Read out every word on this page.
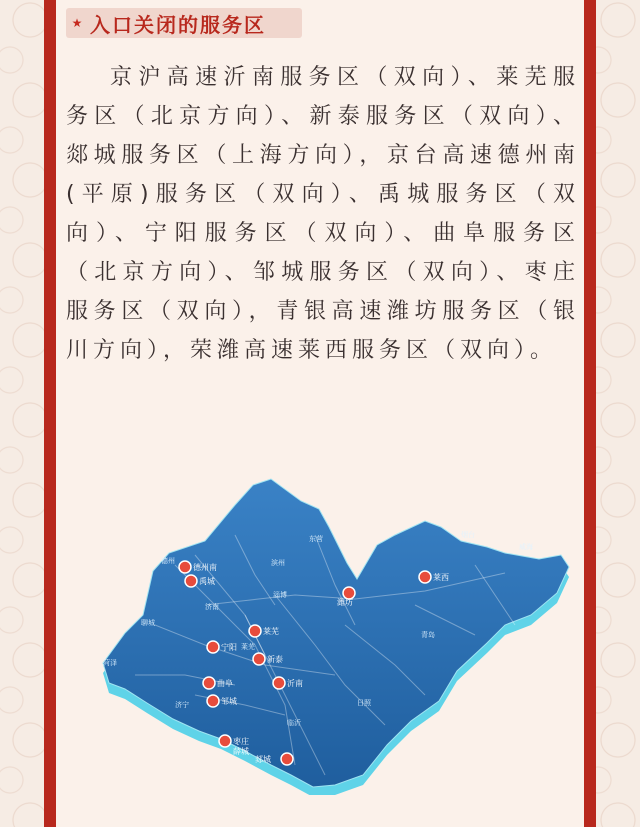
★ 入口关闭的服务区

京沪高速沂南服务区（双向）、莱芜服务区（北京方向）、新泰服务区（双向）、郯城服务区（上海方向），京台高速德州南(平原)服务区（双向）、禹城服务区（双向）、宁阳服务区（双向）、曲阜服务区（北京方向）、邹城服务区（双向）、枣庄服务区（双向），青银高速潍坊服务区（银川方向），荣潍高速莱西服务区（双向）。

德州	滨州
东营
烟台
威海
济南
淄博
青岛
聊城
菏泽
济宁
临沂
日照
莱芜
德州南
禹城
莱芜
宁阳
新泰
沂南
曲阜
邹城
枣庄
薛城
郯城
潍坊
莱西
